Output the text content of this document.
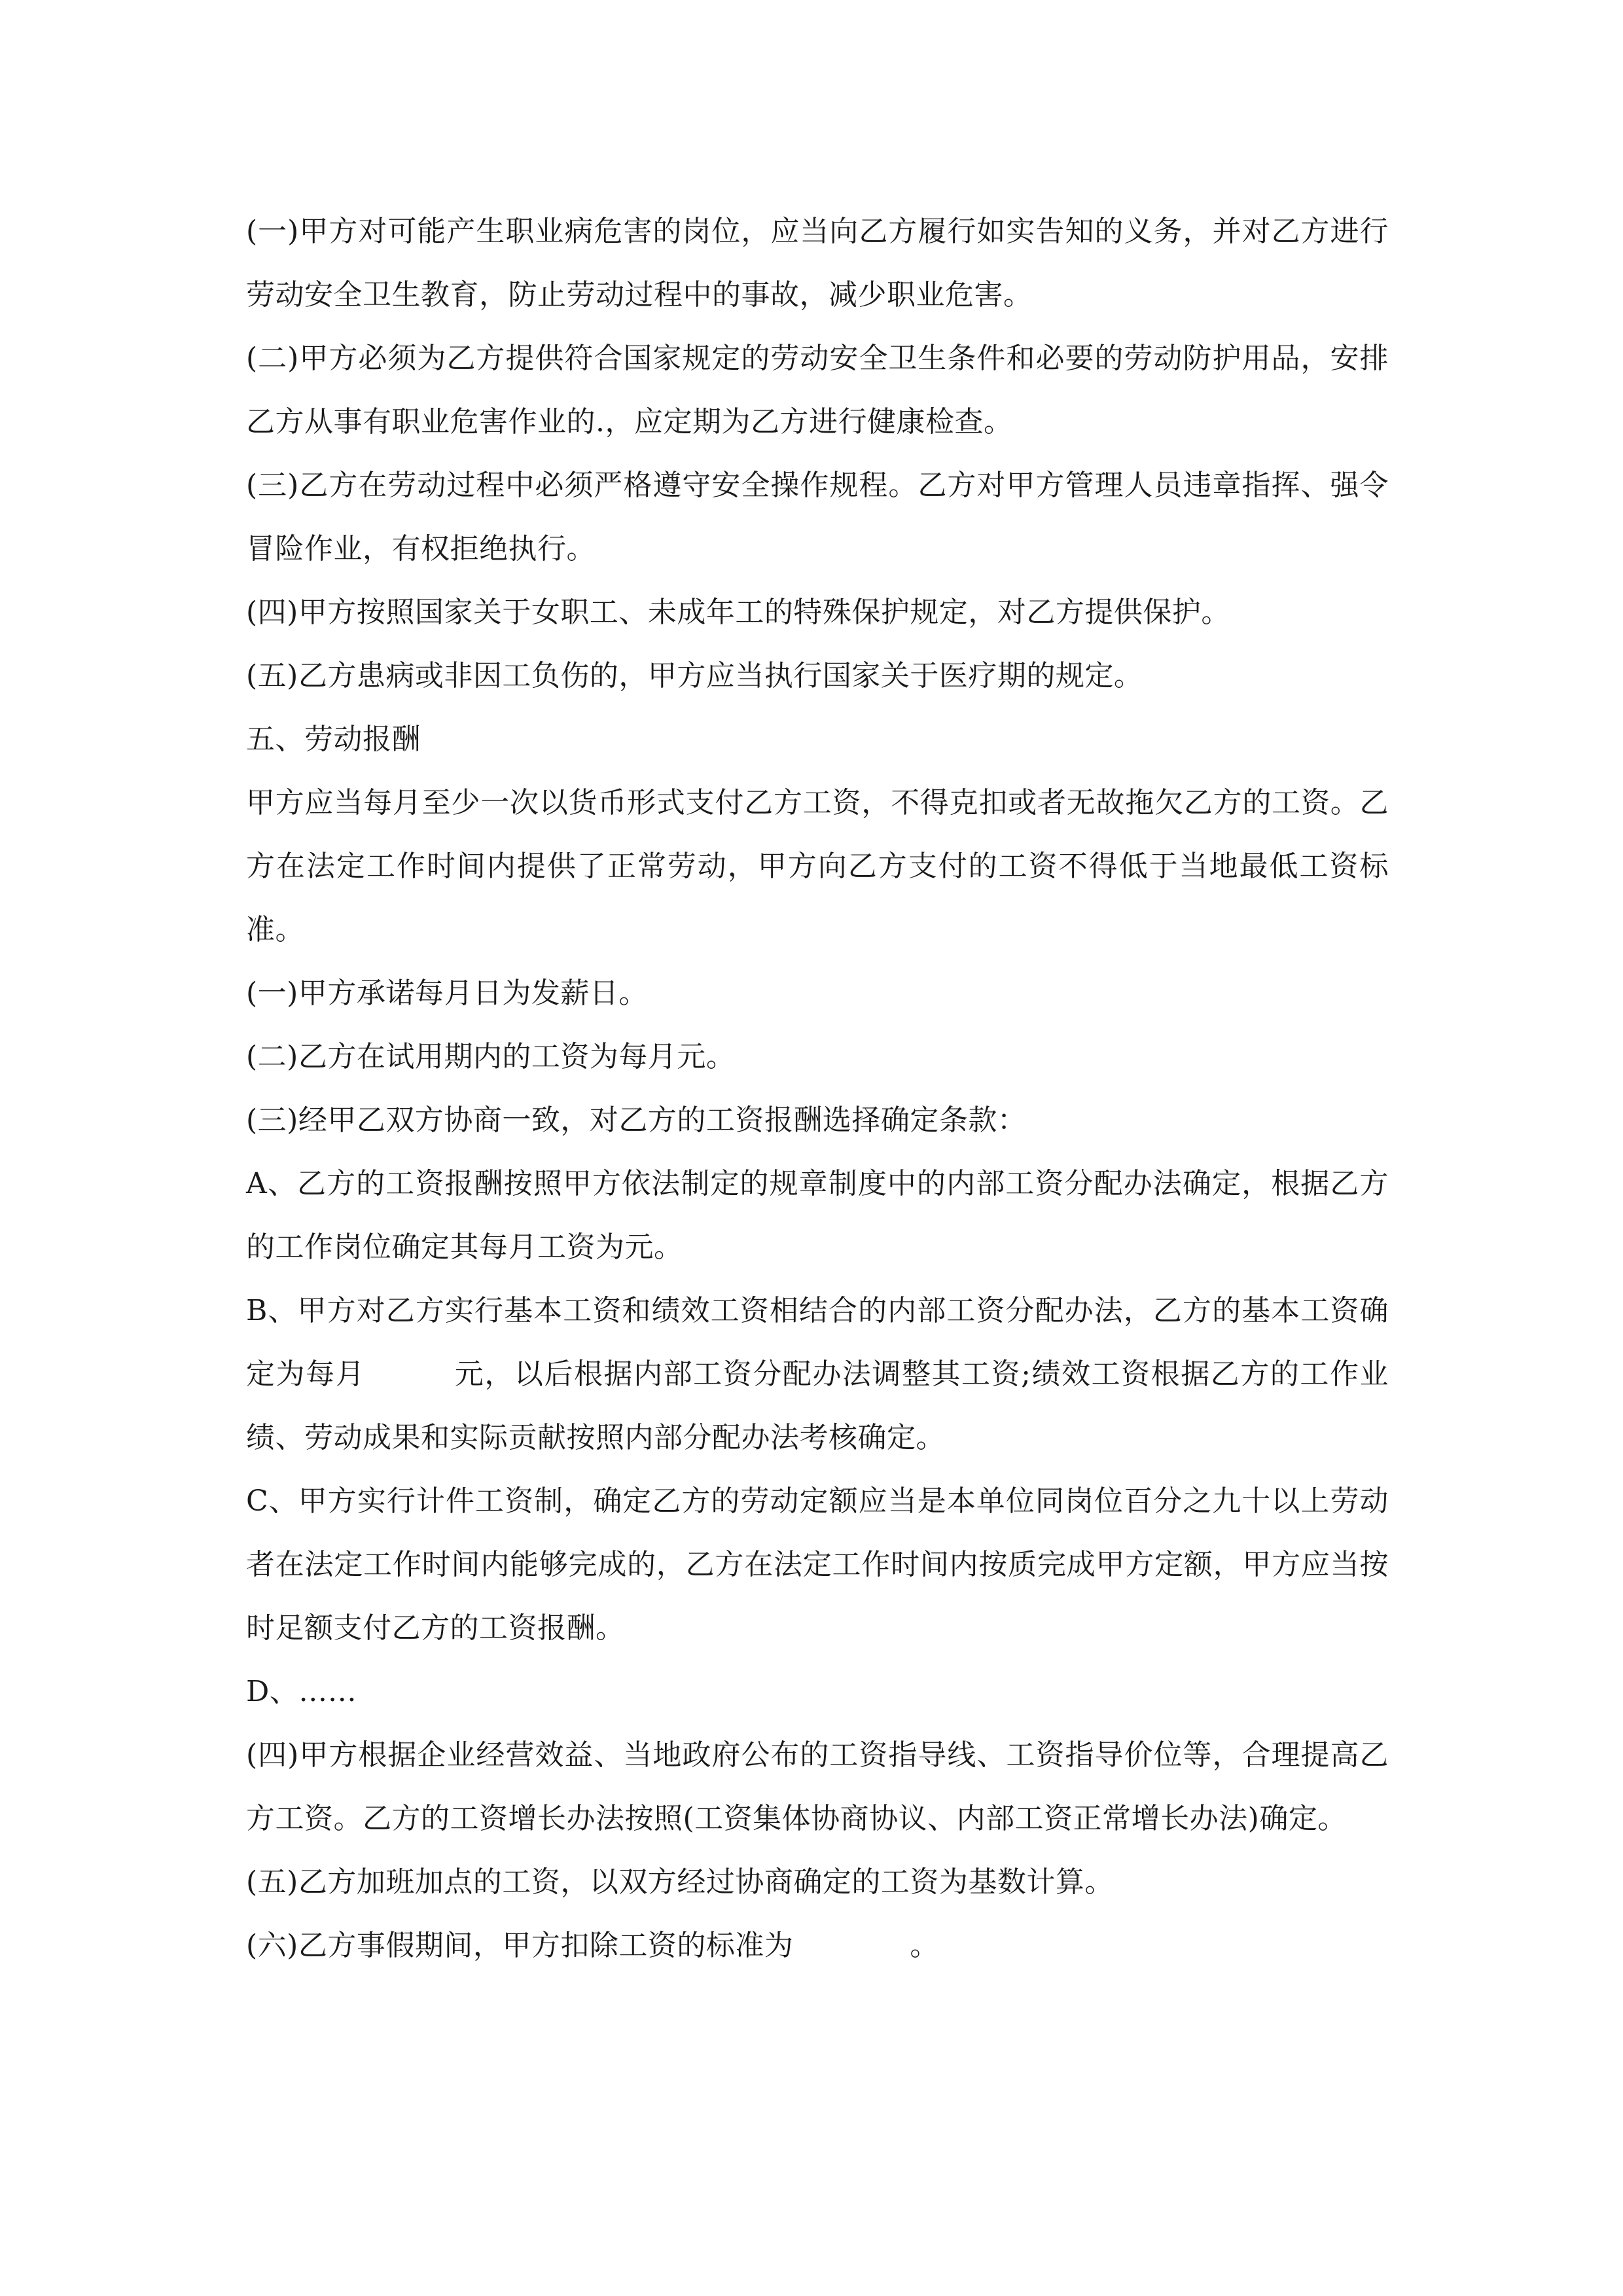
(一)甲方对可能产生职业病危害的岗位，应当向乙方履行如实告知的义务，并对乙方进行劳动安全卫生教育，防止劳动过程中的事故，减少职业危害。

(二)甲方必须为乙方提供符合国家规定的劳动安全卫生条件和必要的劳动防护用品，安排乙方从事有职业危害作业的.，应定期为乙方进行健康检查。

(三)乙方在劳动过程中必须严格遵守安全操作规程。乙方对甲方管理人员违章指挥、强令冒险作业，有权拒绝执行。

(四)甲方按照国家关于女职工、未成年工的特殊保护规定，对乙方提供保护。

(五)乙方患病或非因工负伤的，甲方应当执行国家关于医疗期的规定。

五、劳动报酬

甲方应当每月至少一次以货币形式支付乙方工资，不得克扣或者无故拖欠乙方的工资。乙方在法定工作时间内提供了正常劳动，甲方向乙方支付的工资不得低于当地最低工资标准。

(一)甲方承诺每月日为发薪日。

(二)乙方在试用期内的工资为每月元。

(三)经甲乙双方协商一致，对乙方的工资报酬选择确定条款：

A、乙方的工资报酬按照甲方依法制定的规章制度中的内部工资分配办法确定，根据乙方的工作岗位确定其每月工资为元。

B、甲方对乙方实行基本工资和绩效工资相结合的内部工资分配办法，乙方的基本工资确定为每月　　　元，以后根据内部工资分配办法调整其工资;绩效工资根据乙方的工作业绩、劳动成果和实际贡献按照内部分配办法考核确定。

C、甲方实行计件工资制，确定乙方的劳动定额应当是本单位同岗位百分之九十以上劳动者在法定工作时间内能够完成的，乙方在法定工作时间内按质完成甲方定额，甲方应当按时足额支付乙方的工资报酬。

D、……

(四)甲方根据企业经营效益、当地政府公布的工资指导线、工资指导价位等，合理提高乙方工资。乙方的工资增长办法按照(工资集体协商协议、内部工资正常增长办法)确定。

(五)乙方加班加点的工资，以双方经过协商确定的工资为基数计算。

(六)乙方事假期间，甲方扣除工资的标准为　　　　。
